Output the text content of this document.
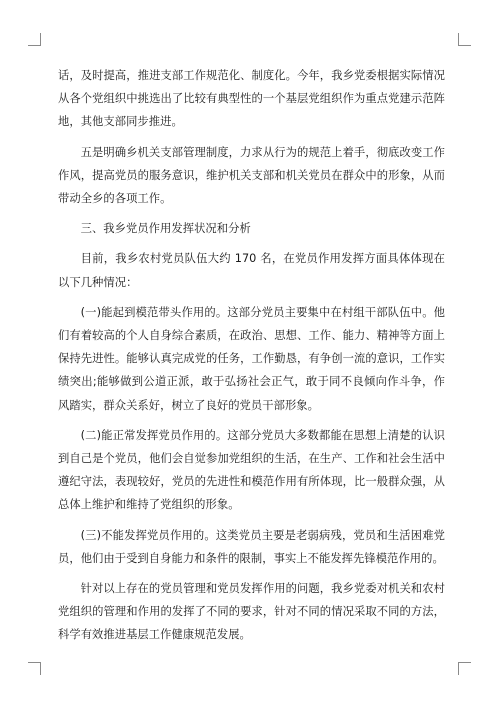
话，及时提高，推进支部工作规范化、制度化。今年，我乡党委根据实际情况从各个党组织中挑选出了比较有典型性的一个基层党组织作为重点党建示范阵地，其他支部同步推进。

五是明确乡机关支部管理制度，力求从行为的规范上着手，彻底改变工作作风，提高党员的服务意识，维护机关支部和机关党员在群众中的形象，从而带动全乡的各项工作。

三、我乡党员作用发挥状况和分析

目前，我乡农村党员队伍大约 170 名，在党员作用发挥方面具体体现在以下几种情况：

(一)能起到模范带头作用的。这部分党员主要集中在村组干部队伍中。他们有着较高的个人自身综合素质，在政治、思想、工作、能力、精神等方面上保持先进性。能够认真完成党的任务，工作勤恳，有争创一流的意识，工作实绩突出;能够做到公道正派，敢于弘扬社会正气，敢于同不良倾向作斗争，作风踏实，群众关系好，树立了良好的党员干部形象。

(二)能正常发挥党员作用的。这部分党员大多数都能在思想上清楚的认识到自己是个党员，他们会自觉参加党组织的生活，在生产、工作和社会生活中遵纪守法，表现较好，党员的先进性和模范作用有所体现，比一般群众强，从总体上维护和维持了党组织的形象。

(三)不能发挥党员作用的。这类党员主要是老弱病残，党员和生活困难党员，他们由于受到自身能力和条件的限制，事实上不能发挥先锋模范作用的。

针对以上存在的党员管理和党员发挥作用的问题，我乡党委对机关和农村党组织的管理和作用的发挥了不同的要求，针对不同的情况采取不同的方法，科学有效推进基层工作健康规范发展。
